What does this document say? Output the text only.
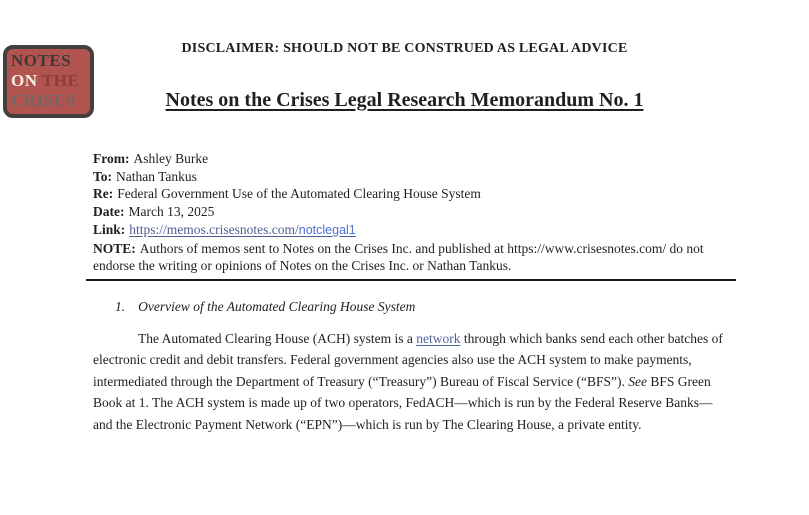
NOTES
ON THE
CRISES
DISCLAIMER: SHOULD NOT BE CONSTRUED AS LEGAL ADVICE
Notes on the Crises Legal Research Memorandum No. 1
From: Ashley Burke
To: Nathan Tankus
Re: Federal Government Use of the Automated Clearing House System
Date: March 13, 2025
Link: https://memos.crisesnotes.com/notclegal1
NOTE: Authors of memos sent to Notes on the Crises Inc. and published at https://www.crisesnotes.com/ do not endorse the writing or opinions of Notes on the Crises Inc. or Nathan Tankus.
1. Overview of the Automated Clearing House System

The Automated Clearing House (ACH) system is a network through which banks send each other batches of electronic credit and debit transfers. Federal government agencies also use the ACH system to make payments, intermediated through the Department of Treasury (“Treasury”) Bureau of Fiscal Service (“BFS”). See BFS Green Book at 1. The ACH system is made up of two operators, FedACH—which is run by the Federal Reserve Banks—and the Electronic Payment Network (“EPN”)—which is run by The Clearing House, a private entity.
